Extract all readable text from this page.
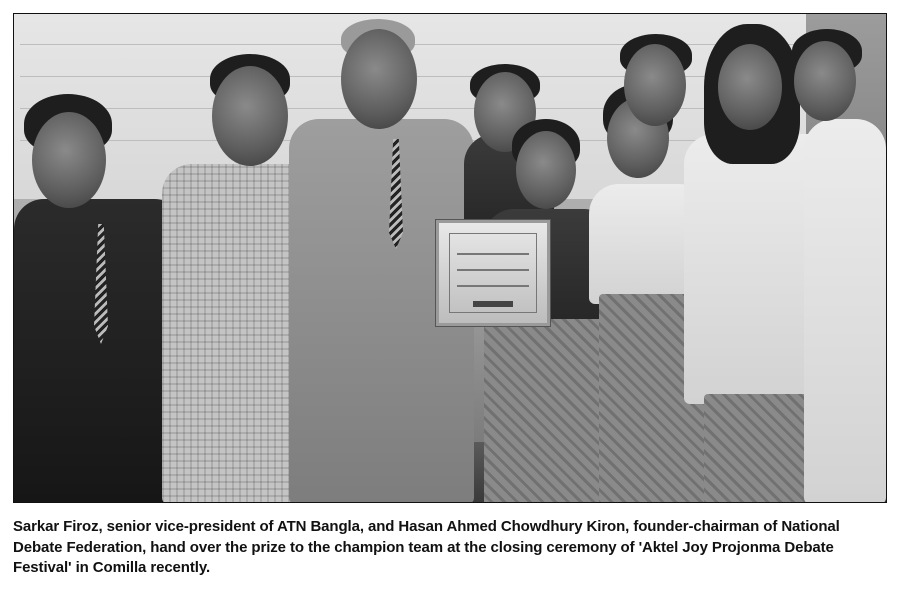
Sarkar Firoz, senior vice-president of ATN Bangla, and Hasan Ahmed Chowdhury Kiron, founder-chairman of National Debate Federation, hand over the prize to the champion team at the closing ceremony of 'Aktel Joy Projonma Debate Festival' in Comilla recently.
